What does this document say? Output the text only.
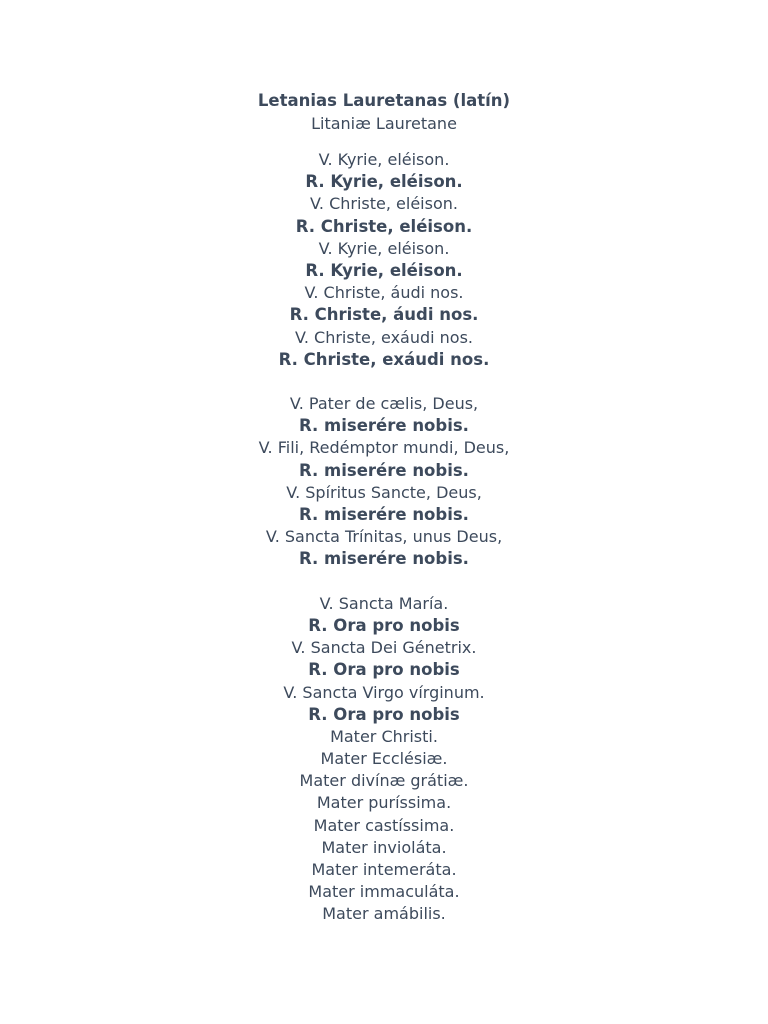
Letanias Lauretanas (latín)
Litaniæ Lauretane
V. Kyrie, eléison.
R. Kyrie, eléison.
V. Christe, eléison.
R. Christe, eléison.
V. Kyrie, eléison.
R. Kyrie, eléison.
V. Christe, áudi nos.
R. Christe, áudi nos.
V. Christe, exáudi nos.
R. Christe, exáudi nos.
V. Pater de cælis, Deus,
R. miserére nobis.
V. Fili, Redémptor mundi, Deus,
R. miserére nobis.
V. Spíritus Sancte, Deus,
R. miserére nobis.
V. Sancta Trínitas, unus Deus,
R. miserére nobis.
V. Sancta María.
R. Ora pro nobis
V. Sancta Dei Génetrix.
R. Ora pro nobis
V. Sancta Virgo vírginum.
R. Ora pro nobis
Mater Christi.
Mater Ecclésiæ.
Mater divínæ grátiæ.
Mater puríssima.
Mater castíssima.
Mater invioláta.
Mater intemeráta.
Mater immaculáta.
Mater amábilis.
